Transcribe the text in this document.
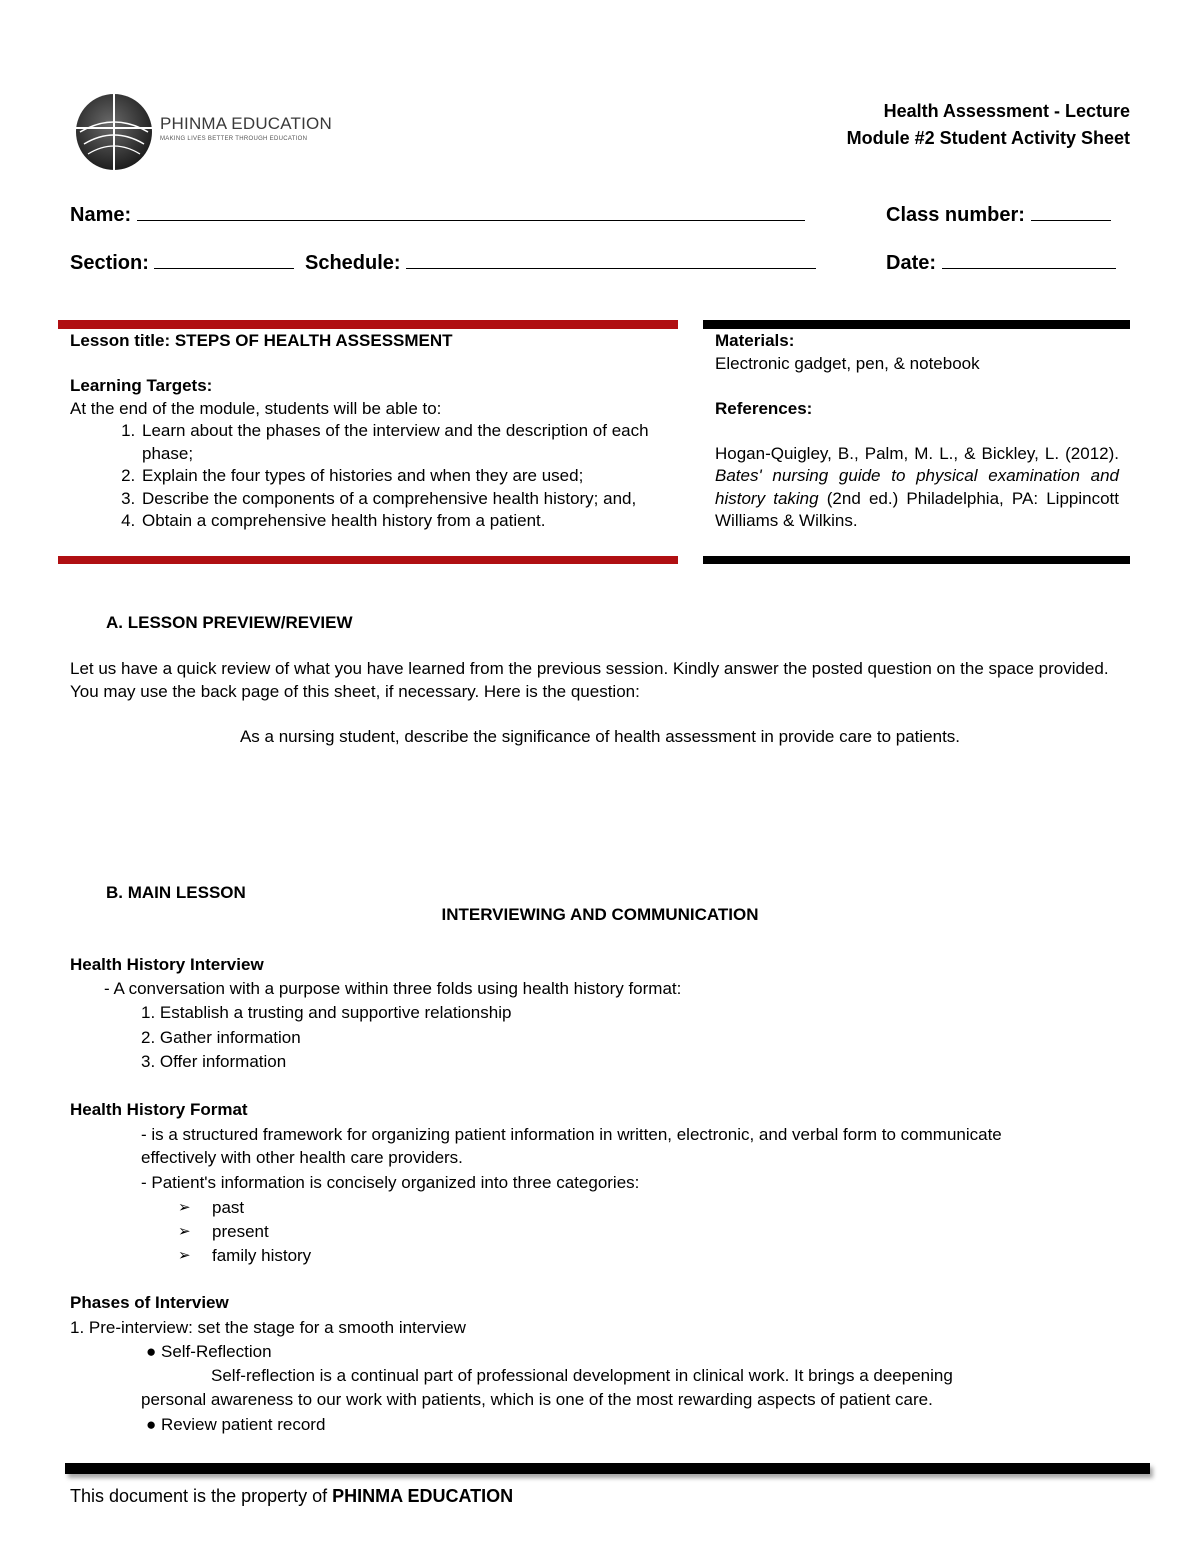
PHINMA EDUCATION
MAKING LIVES BETTER THROUGH EDUCATION
Health Assessment - Lecture
Module #2 Student Activity Sheet
Name:	Class number:
Section:	Schedule:	Date:
Lesson title: STEPS OF HEALTH ASSESSMENT
Learning Targets:
At the end of the module, students will be able to:
1. Learn about the phases of the interview and the description of each phase;
2. Explain the four types of histories and when they are used;
3. Describe the components of a comprehensive health history; and,
4. Obtain a comprehensive health history from a patient.
Materials:
Electronic gadget, pen, & notebook
References:
Hogan-Quigley, B., Palm, M. L., & Bickley, L. (2012). Bates' nursing guide to physical examination and history taking (2nd ed.) Philadelphia, PA: Lippincott Williams & Wilkins.
A. LESSON PREVIEW/REVIEW
Let us have a quick review of what you have learned from the previous session. Kindly answer the posted question on the space provided. You may use the back page of this sheet, if necessary. Here is the question:
As a nursing student, describe the significance of health assessment in provide care to patients.
B. MAIN LESSON
INTERVIEWING AND COMMUNICATION
Health History Interview
- A conversation with a purpose within three folds using health history format:
1. Establish a trusting and supportive relationship
2. Gather information
3. Offer information
Health History Format
- is a structured framework for organizing patient information in written, electronic, and verbal form to communicate effectively with other health care providers.
- Patient's information is concisely organized into three categories:
➢ past
➢ present
➢ family history
Phases of Interview
1. Pre-interview: set the stage for a smooth interview
● Self-Reflection
Self-reflection is a continual part of professional development in clinical work. It brings a deepening
personal awareness to our work with patients, which is one of the most rewarding aspects of patient care.
● Review patient record
This document is the property of PHINMA EDUCATION
